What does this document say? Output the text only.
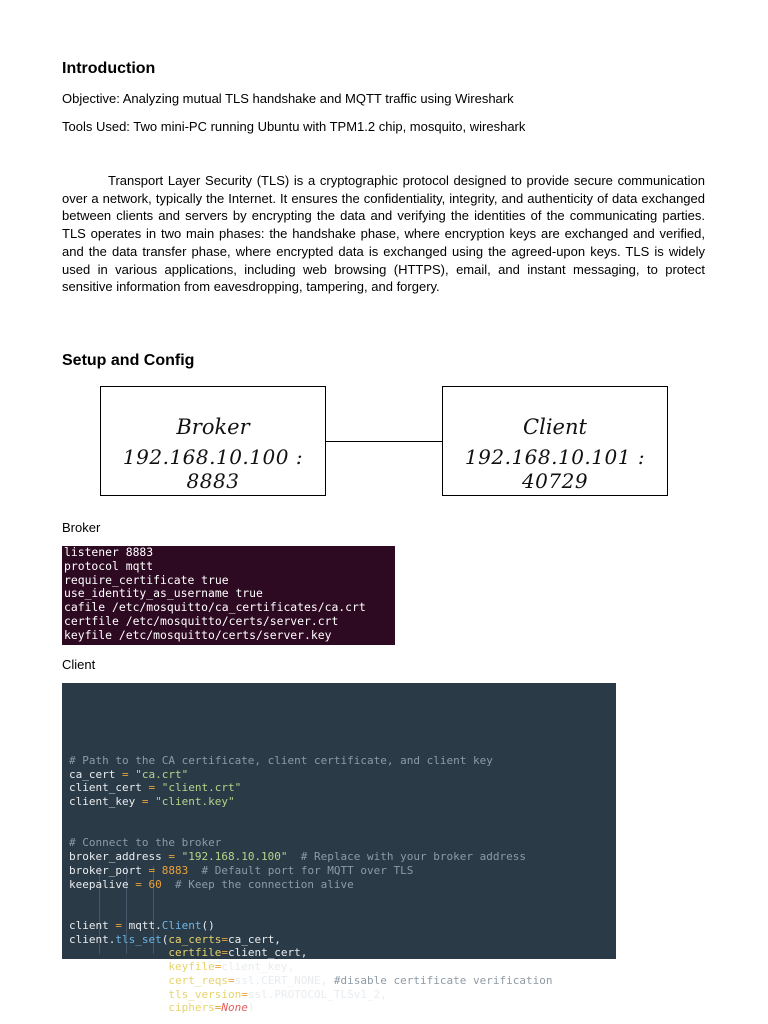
Introduction

Objective: Analyzing mutual TLS handshake and MQTT traffic using Wireshark

Tools Used: Two mini-PC running Ubuntu with TPM1.2 chip, mosquito, wireshark

Transport Layer Security (TLS) is a cryptographic protocol designed to provide secure communication over a network, typically the Internet. It ensures the confidentiality, integrity, and authenticity of data exchanged between clients and servers by encrypting the data and verifying the identities of the communicating parties. TLS operates in two main phases: the handshake phase, where encryption keys are exchanged and verified, and the data transfer phase, where encrypted data is exchanged using the agreed-upon keys. TLS is widely used in various applications, including web browsing (HTTPS), email, and instant messaging, to protect sensitive information from eavesdropping, tampering, and forgery.

Setup and Config
Broker
192.168.10.100 : 8883
Client
192.168.10.101 : 40729

Broker

listener 8883
protocol mqtt
require_certificate true
use_identity_as_username true
cafile /etc/mosquitto/ca_certificates/ca.crt
certfile /etc/mosquitto/certs/server.crt
keyfile /etc/mosquitto/certs/server.key

Client

# Path to the CA certificate, client certificate, and client key
ca_cert = "ca.crt"
client_cert = "client.crt"
client_key = "client.key"
# Connect to the broker
broker_address = "192.168.10.100"  # Replace with your broker address
broker_port = 8883  # Default port for MQTT over TLS
keepalive = 60  # Keep the connection alive
client = mqtt.Client()
client.tls_set(ca_certs=ca_cert,
certfile=client_cert,
keyfile=client_key,
cert_reqs=ssl.CERT_NONE, #disable certificate verification
tls_version=ssl.PROTOCOL_TLSv1_2,
ciphers=None)
